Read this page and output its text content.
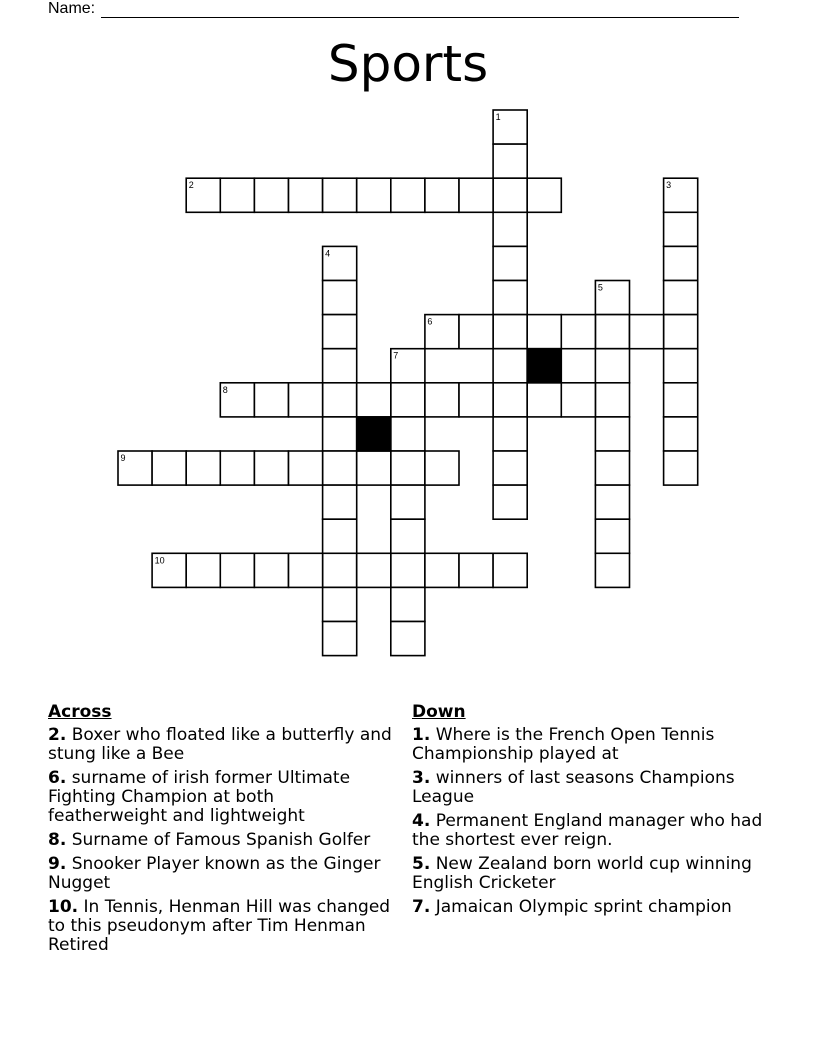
Name:
Sports
1
2	3
4
5
6
7
8
9
10
Across
2. Boxer who floated like a butterfly and stung like a Bee
6. surname of irish former Ultimate Fighting Champion at both featherweight and lightweight
8. Surname of Famous Spanish Golfer
9. Snooker Player known as the Ginger Nugget
10. In Tennis, Henman Hill was changed to this pseudonym after Tim Henman Retired
Down
1. Where is the French Open Tennis Championship played at
3. winners of last seasons Champions League
4. Permanent England manager who had the shortest ever reign.
5. New Zealand born world cup winning English Cricketer
7. Jamaican Olympic sprint champion
